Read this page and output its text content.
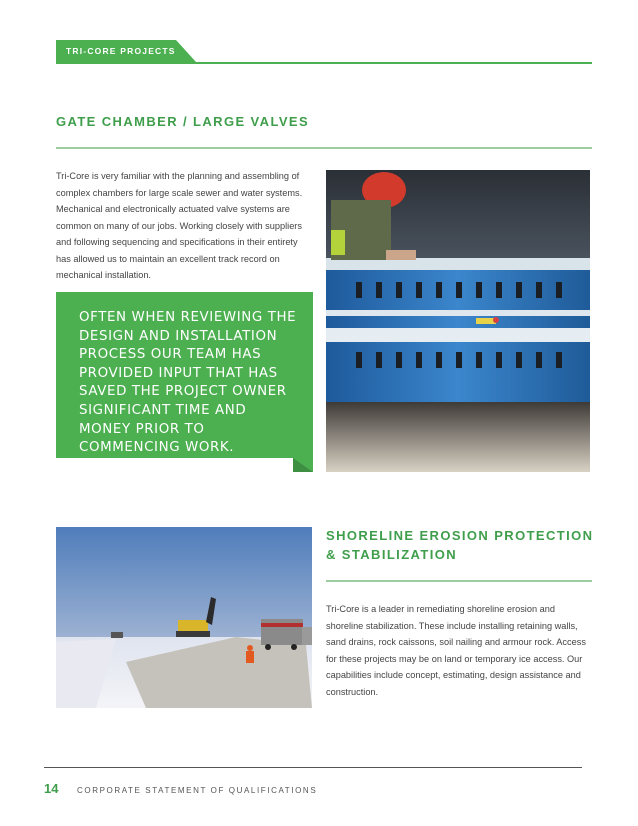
TRI-CORE PROJECTS
GATE CHAMBER / LARGE VALVES
Tri-Core is very familiar with the planning and assembling of complex chambers for large scale sewer and water systems. Mechanical and electronically actuated valve systems are common on many of our jobs. Working closely with suppliers and following sequencing and specifications in their entirety has allowed us to maintain an excellent track record on mechanical installation.
OFTEN WHEN REVIEWING THE DESIGN AND INSTALLATION PROCESS OUR TEAM HAS PROVIDED INPUT THAT HAS SAVED THE PROJECT OWNER SIGNIFICANT TIME AND MONEY PRIOR TO COMMENCING WORK.
SHORELINE EROSION PROTECTION & STABILIZATION
Tri-Core is a leader in remediating shoreline erosion and shoreline stabilization. These include installing retaining walls, sand drains, rock caissons, soil nailing and armour rock. Access for these projects may be on land or temporary ice access. Our capabilities include concept, estimating, design assistance and construction.
14 CORPORATE STATEMENT OF QUALIFICATIONS
